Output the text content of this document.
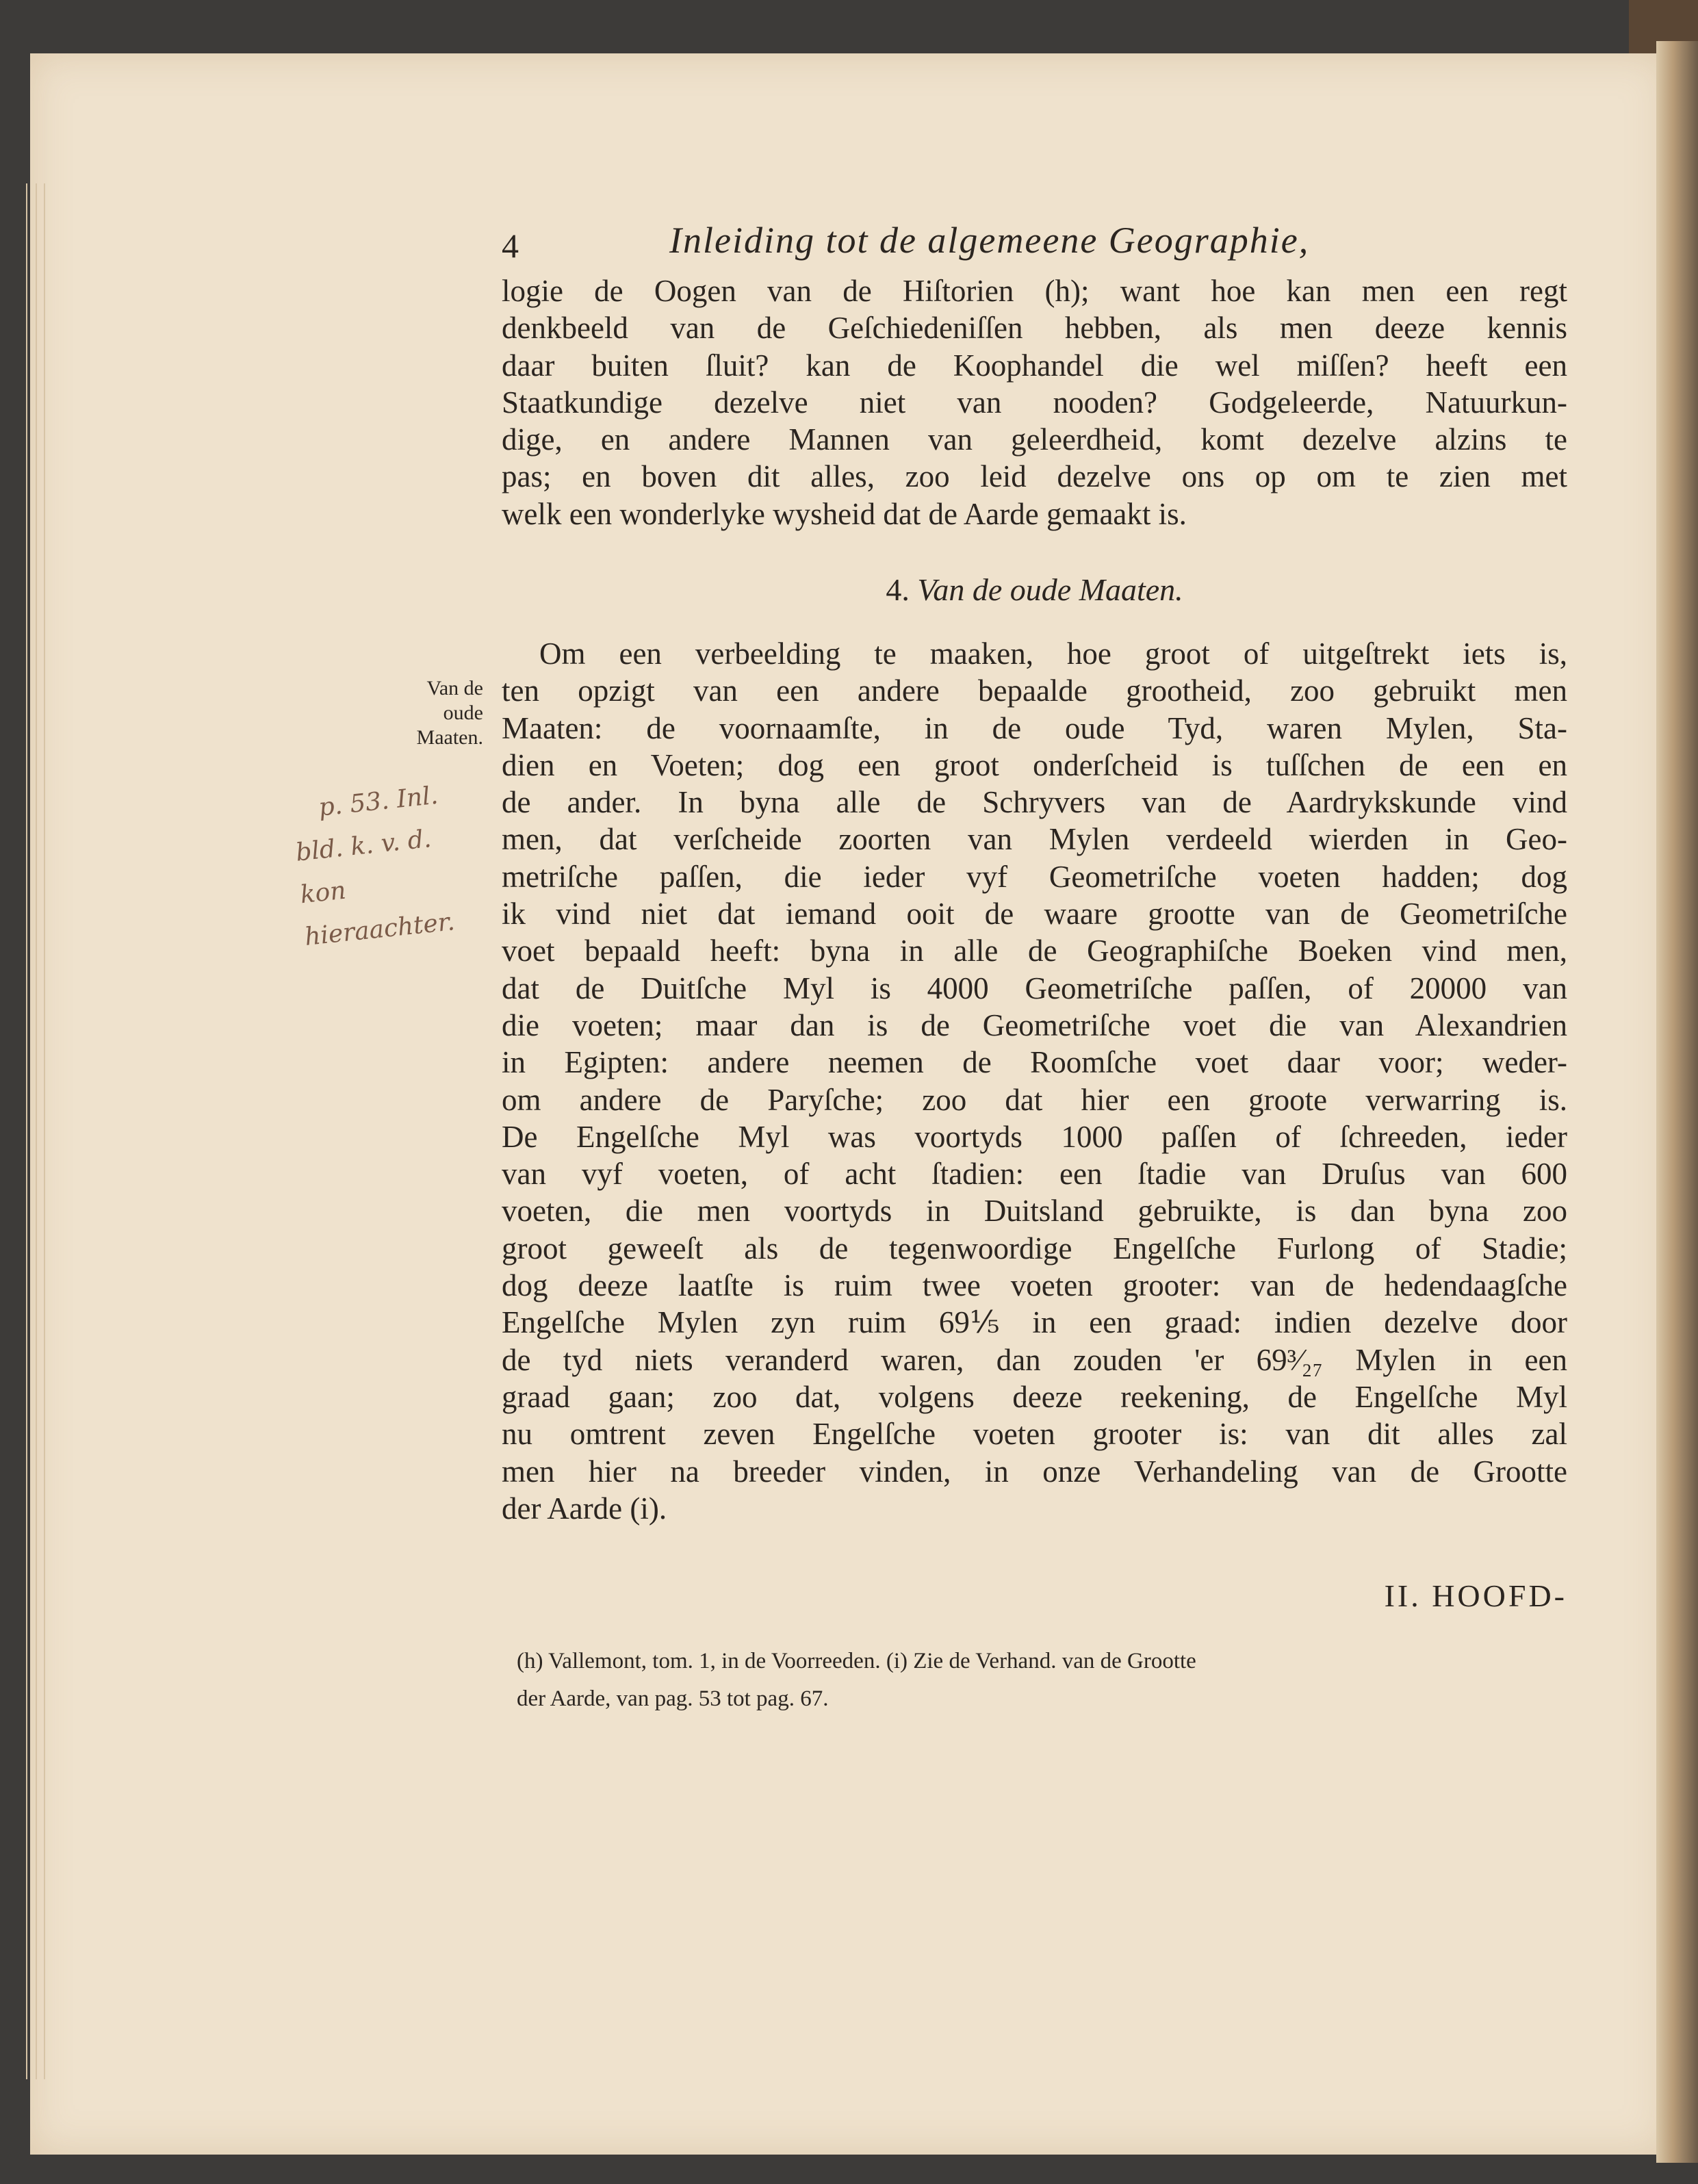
4	Inleiding tot de algemeene Geographie,
logie de Oogen van de Hiſtorien (h); want hoe kan men een regt
denkbeeld van de Geſchiedeniſſen hebben, als men deeze kennis
daar buiten ſluit? kan de Koophandel die wel miſſen? heeft een
Staatkundige dezelve niet van nooden? Godgeleerde, Natuurkun-
dige, en andere Mannen van geleerdheid, komt dezelve alzins te
pas; en boven dit alles, zoo leid dezelve ons op om te zien met
welk een wonderlyke wysheid dat de Aarde gemaakt is.
4. Van de oude Maaten.
Van de
oude
Maaten.
p. 53. Inl.
bld. k. v. d. kon
hieraachter.
Om een verbeelding te maaken, hoe groot of uitgeſtrekt iets is,
ten opzigt van een andere bepaalde grootheid, zoo gebruikt men
Maaten: de voornaamſte, in de oude Tyd, waren Mylen, Sta-
dien en Voeten; dog een groot onderſcheid is tuſſchen de een en
de ander. In byna alle de Schryvers van de Aardrykskunde vind
men, dat verſcheide zoorten van Mylen verdeeld wierden in Geo-
metriſche paſſen, die ieder vyf Geometriſche voeten hadden; dog
ik vind niet dat iemand ooit de waare grootte van de Geometriſche
voet bepaald heeft: byna in alle de Geographiſche Boeken vind men,
dat de Duitſche Myl is 4000 Geometriſche paſſen, of 20000 van
die voeten; maar dan is de Geometriſche voet die van Alexandrien
in Egipten: andere neemen de Roomſche voet daar voor; weder-
om andere de Paryſche; zoo dat hier een groote verwarring is.
De Engelſche Myl was voortyds 1000 paſſen of ſchreeden, ieder
van vyf voeten, of acht ſtadien: een ſtadie van Druſus van 600
voeten, die men voortyds in Duitsland gebruikte, is dan byna zoo
groot geweeſt als de tegenwoordige Engelſche Furlong of Stadie;
dog deeze laatſte is ruim twee voeten grooter: van de hedendaagſche
Engelſche Mylen zyn ruim 69⅕ in een graad: indien dezelve door
de tyd niets veranderd waren, dan zouden 'er 69³⁄₂₇ Mylen in een
graad gaan; zoo dat, volgens deeze reekening, de Engelſche Myl
nu omtrent zeven Engelſche voeten grooter is: van dit alles zal
men hier na breeder vinden, in onze Verhandeling van de Grootte
der Aarde (i).
II. HOOFD-
(h) Vallemont, tom. 1, in de Voorreeden. (i) Zie de Verhand. van de Grootte
der Aarde, van pag. 53 tot pag. 67.
